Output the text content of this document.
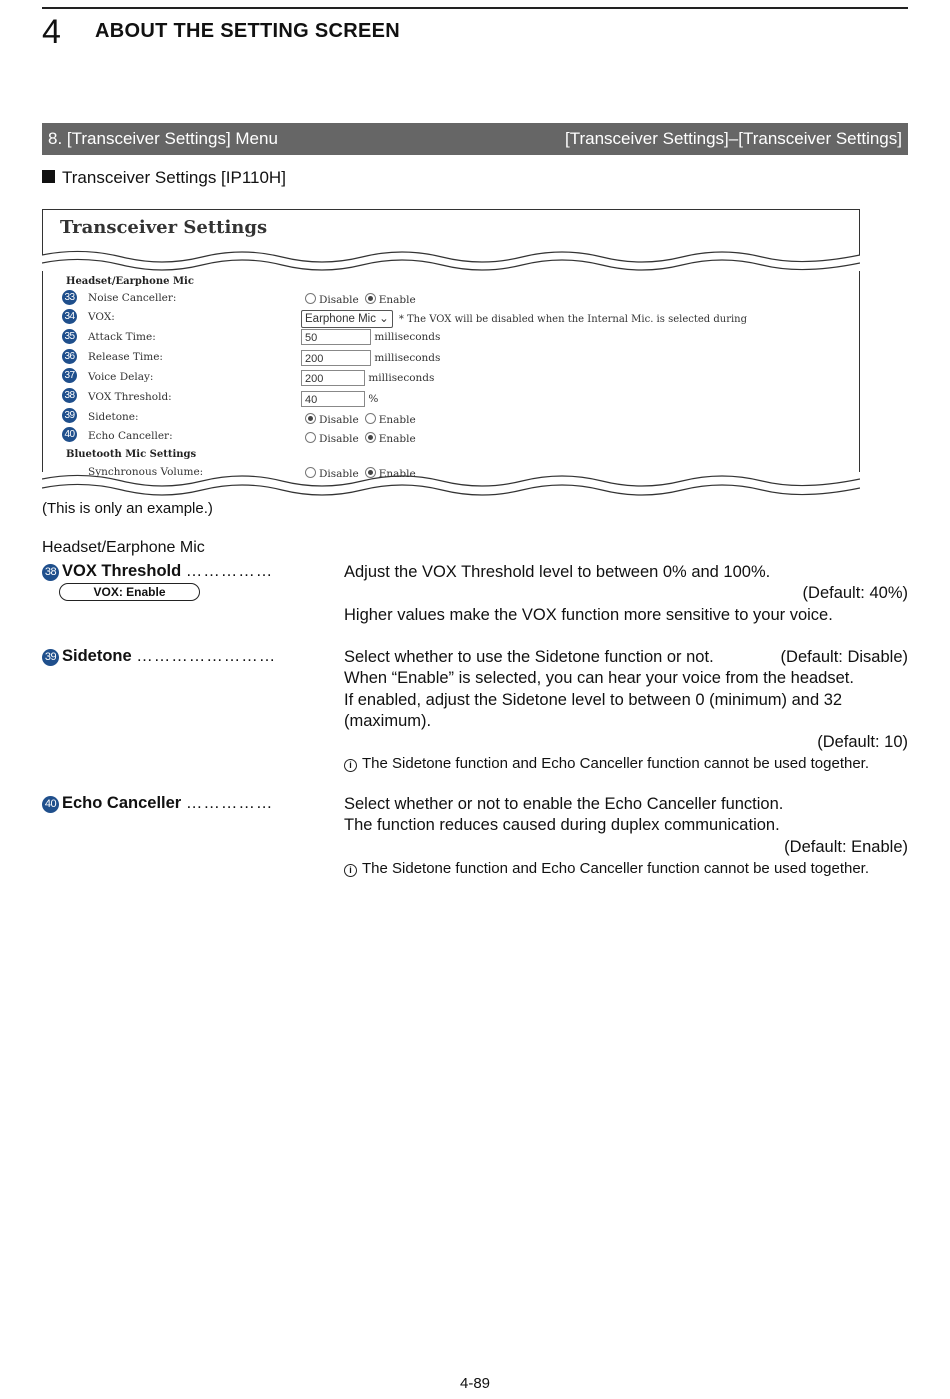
4 ABOUT THE SETTING SCREEN
8. [Transceiver Settings] Menu	[Transceiver Settings]–[Transceiver Settings]
Transceiver Settings [IP110H]
Transceiver Settings
Headset/Earphone Mic
33 Noise Canceller:	Disable Enable
34 VOX:	Earphone Mic ⌄ * The VOX will be disabled when the Internal Mic. is selected during
35 Attack Time:	50	milliseconds
36 Release Time:	200	milliseconds
37 Voice Delay:	200	milliseconds
38 VOX Threshold:	40	%
39 Sidetone:	Disable Enable
40 Echo Canceller:	Disable Enable
Bluetooth Mic Settings
Synchronous Volume:	Disable Enable
(This is only an example.)
Headset/Earphone Mic
38 VOX Threshold ……………
VOX: Enable
Adjust the VOX Threshold level to between 0% and 100%.
(Default: 40%)
Higher values make the VOX function more sensitive to your voice.
39 Sidetone ……………………	Select whether to use the Sidetone function or not.	(Default: Disable)
When “Enable” is selected, you can hear your voice from the headset.
If enabled, adjust the Sidetone level to between 0 (minimum) and 32 (maximum).
(Default: 10)
i The Sidetone function and Echo Canceller function cannot be used together.
40 Echo Canceller ……………	Select whether or not to enable the Echo Canceller function.
The function reduces caused during duplex communication.
(Default: Enable)
i The Sidetone function and Echo Canceller function cannot be used together.
4-89
